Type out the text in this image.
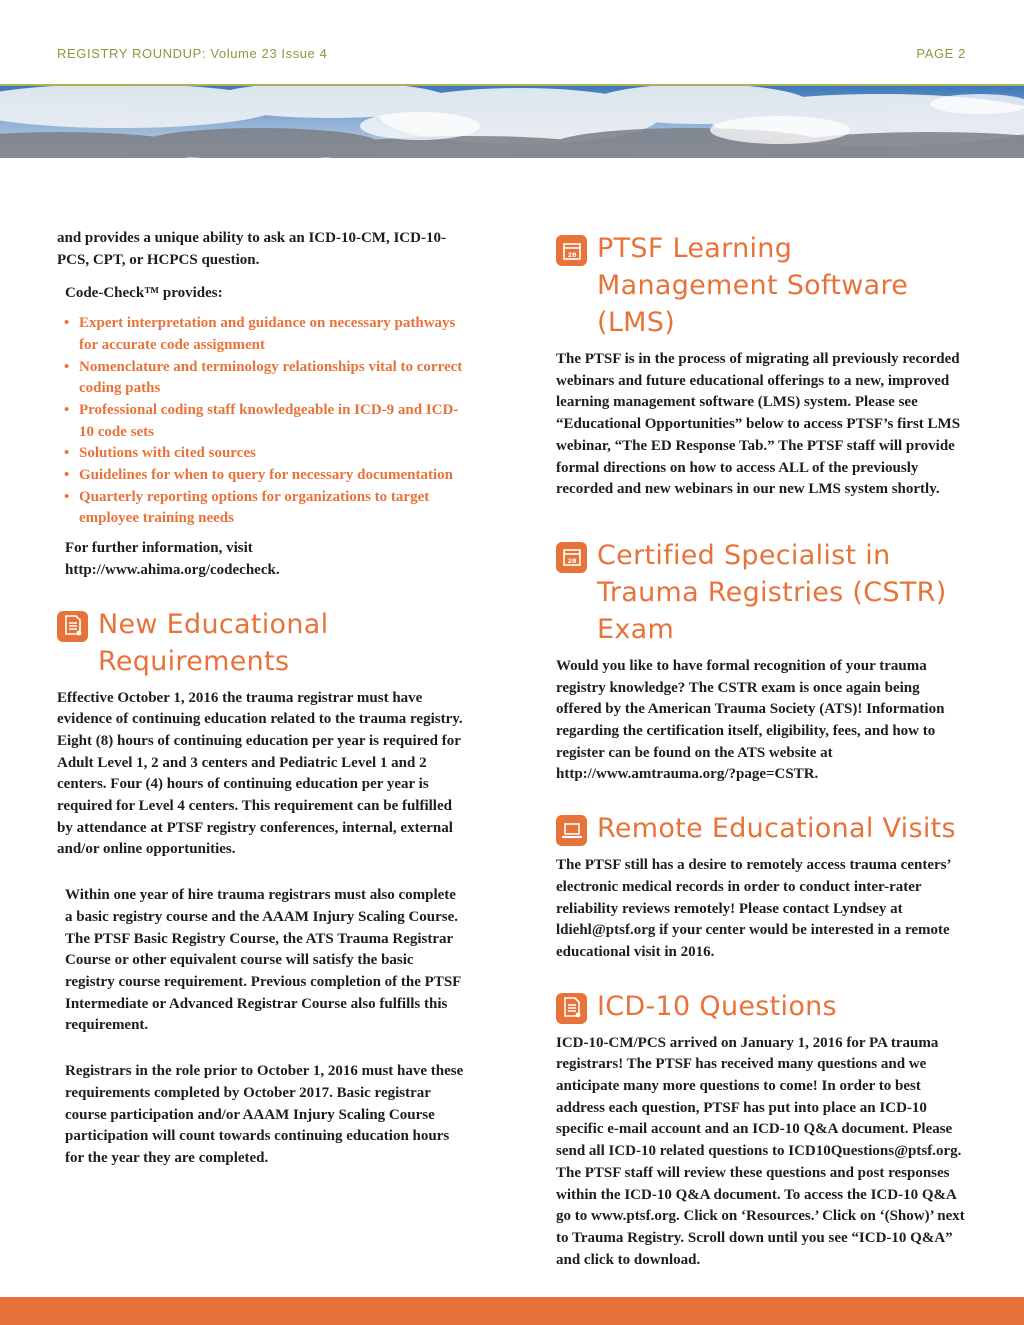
REGISTRY ROUNDUP: Volume 23 Issue 4	PAGE 2

and provides a unique ability to ask an ICD-10-CM, ICD-10-PCS, CPT, or HCPCS question.

Code-Check™ provides:

• Expert interpretation and guidance on necessary pathways for accurate code assignment
• Nomenclature and terminology relationships vital to correct coding paths
• Professional coding staff knowledgeable in ICD-9 and ICD-10 code sets
• Solutions with cited sources
• Guidelines for when to query for necessary documentation
• Quarterly reporting options for organizations to target employee training needs

For further information, visit http://www.ahima.org/codecheck.

New Educational Requirements

Effective October 1, 2016 the trauma registrar must have evidence of continuing education related to the trauma registry. Eight (8) hours of continuing education per year is required for Adult Level 1, 2 and 3 centers and Pediatric Level 1 and 2 centers. Four (4) hours of continuing education per year is required for Level 4 centers. This requirement can be fulfilled by attendance at PTSF registry conferences, internal, external and/or online opportunities.

Within one year of hire trauma registrars must also complete a basic registry course and the AAAM Injury Scaling Course. The PTSF Basic Registry Course, the ATS Trauma Registrar Course or other equivalent course will satisfy the basic registry course requirement. Previous completion of the PTSF Intermediate or Advanced Registrar Course also fulfills this requirement.

Registrars in the role prior to October 1, 2016 must have these requirements completed by October 2017. Basic registrar course participation and/or AAAM Injury Scaling Course participation will count towards continuing education hours for the year they are completed.

28 PTSF Learning Management Software (LMS)

The PTSF is in the process of migrating all previously recorded webinars and future educational offerings to a new, improved learning management software (LMS) system. Please see “Educational Opportunities” below to access PTSF’s first LMS webinar, “The ED Response Tab.” The PTSF staff will provide formal directions on how to access ALL of the previously recorded and new webinars in our new LMS system shortly.

28 Certified Specialist in Trauma Registries (CSTR) Exam

Would you like to have formal recognition of your trauma registry knowledge? The CSTR exam is once again being offered by the American Trauma Society (ATS)! Information regarding the certification itself, eligibility, fees, and how to register can be found on the ATS website at http://www.amtrauma.org/?page=CSTR.

Remote Educational Visits

The PTSF still has a desire to remotely access trauma centers’ electronic medical records in order to conduct inter-rater reliability reviews remotely! Please contact Lyndsey at ldiehl@ptsf.org if your center would be interested in a remote educational visit in 2016.

ICD-10 Questions

ICD-10-CM/PCS arrived on January 1, 2016 for PA trauma registrars! The PTSF has received many questions and we anticipate many more questions to come! In order to best address each question, PTSF has put into place an ICD-10 specific e-mail account and an ICD-10 Q&A document. Please send all ICD-10 related questions to ICD10Questions@ptsf.org. The PTSF staff will review these questions and post responses within the ICD-10 Q&A document. To access the ICD-10 Q&A go to www.ptsf.org. Click on ‘Resources.’ Click on ‘(Show)’ next to Trauma Registry. Scroll down until you see “ICD-10 Q&A” and click to download.
